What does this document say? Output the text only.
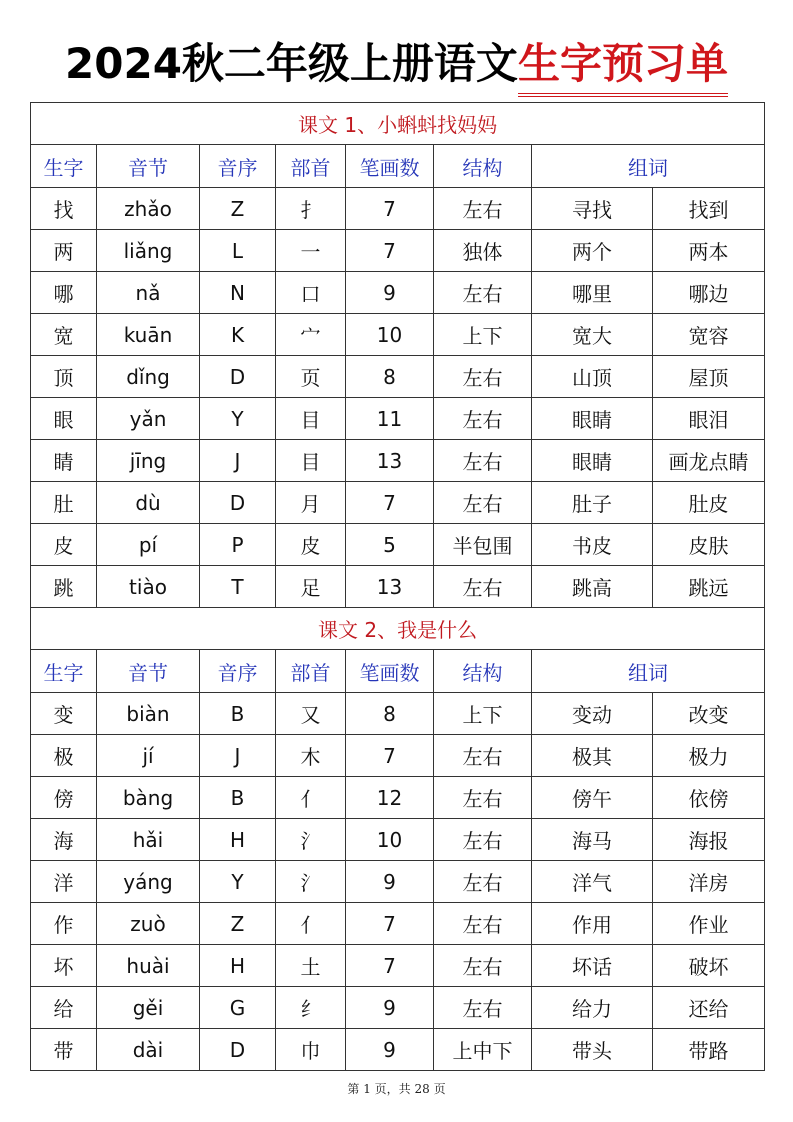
2024秋二年级上册语文生字预习单
课文 1、小蝌蚪找妈妈							
生字	音节	音序	部首	笔画数	结构	组词	
找	zhǎo	Z	扌	7	左右	寻找	找到
两	liǎng	L	一	7	独体	两个	两本
哪	nǎ	N	口	9	左右	哪里	哪边
宽	kuān	K	宀	10	上下	宽大	宽容
顶	dǐng	D	页	8	左右	山顶	屋顶
眼	yǎn	Y	目	11	左右	眼睛	眼泪
睛	jīng	J	目	13	左右	眼睛	画龙点睛
肚	dù	D	月	7	左右	肚子	肚皮
皮	pí	P	皮	5	半包围	书皮	皮肤
跳	tiào	T	足	13	左右	跳高	跳远
课文 2、我是什么							
生字	音节	音序	部首	笔画数	结构	组词	
变	biàn	B	又	8	上下	变动	改变
极	jí	J	木	7	左右	极其	极力
傍	bàng	B	亻	12	左右	傍午	依傍
海	hǎi	H	氵	10	左右	海马	海报
洋	yáng	Y	氵	9	左右	洋气	洋房
作	zuò	Z	亻	7	左右	作用	作业
坏	huài	H	土	7	左右	坏话	破坏
给	gěi	G	纟	9	左右	给力	还给
带	dài	D	巾	9	上中下	带头	带路
第 1 页，共 28 页
